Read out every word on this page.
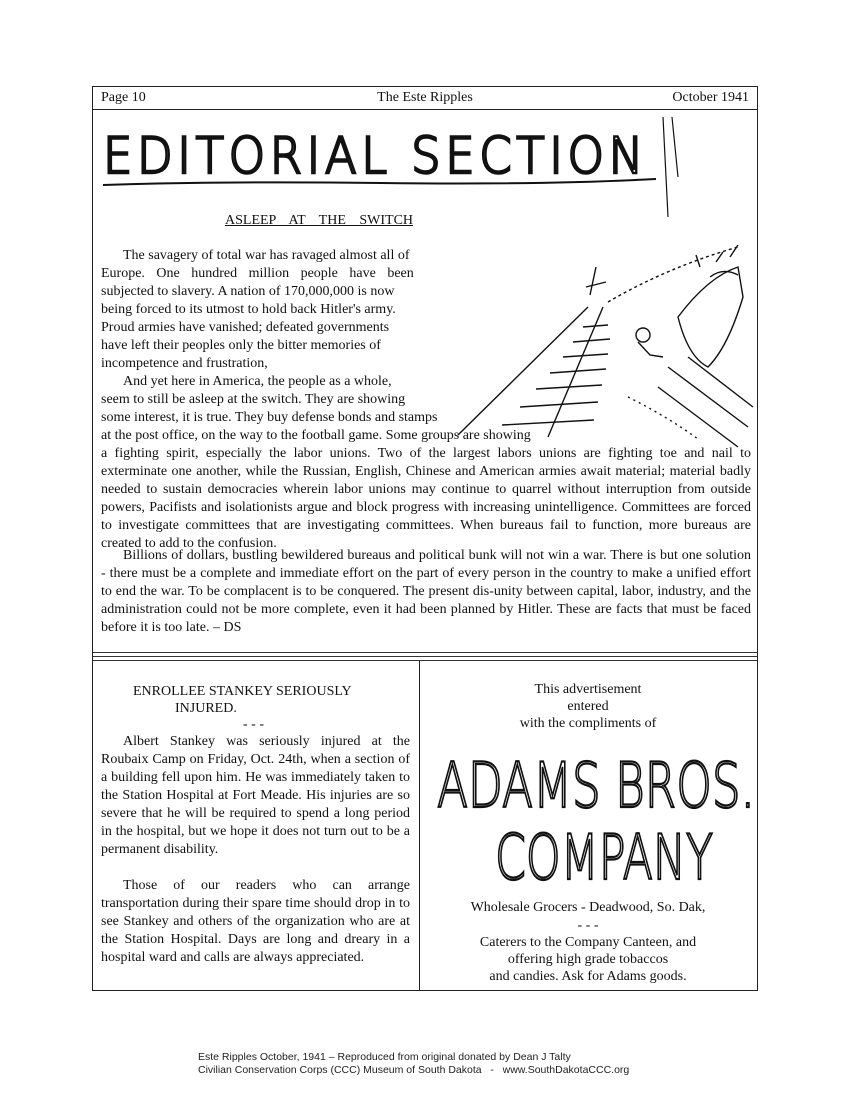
Page 10	The Este Ripples	October 1941
EDITORIAL SECTION
ASLEEP AT THE SWITCH

The savagery of total war has ravaged almost all of
Europe. One hundred million people have been
subjected to slavery. A nation of 170,000,000 is now
being forced to its utmost to hold back Hitler's army.
Proud armies have vanished; defeated governments
have left their peoples only the bitter memories of
incompetence and frustration,

And yet here in America, the people as a whole,
seem to still be asleep at the switch. They are showing
some interest, it is true. They buy defense bonds and stamps
at the post office, on the way to the football game. Some groups are showing

a fighting spirit, especially the labor unions. Two of the largest labors unions are fighting toe and nail to exterminate one another, while the Russian, English, Chinese and American armies await material; material badly needed to sustain democracies wherein labor unions may continue to quarrel without interruption from outside powers, Pacifists and isolationists argue and block progress with increasing unintelligence. Committees are forced to investigate committees that are investigating committees. When bureaus fail to function, more bureaus are created to add to the confusion.

Billions of dollars, bustling bewildered bureaus and political bunk will not win a war. There is but one solution - there must be a complete and immediate effort on the part of every person in the country to make a unified effort to end the war. To be complacent is to be conquered. The present dis-unity between capital, labor, industry, and the administration could not be more complete, even it had been planned by Hitler. These are facts that must be faced before it is too late. – DS

ENROLLEE STANKEY SERIOUSLY
INJURED.
- - -

Albert Stankey was seriously injured at the Roubaix Camp on Friday, Oct. 24th, when a section of a building fell upon him. He was immediately taken to the Station Hospital at Fort Meade. His injuries are so severe that he will be required to spend a long period in the hospital, but we hope it does not turn out to be a permanent disability.

Those of our readers who can arrange transportation during their spare time should drop in to see Stankey and others of the organization who are at the Station Hospital. Days are long and dreary in a hospital ward and calls are always appreciated.

This advertisement
entered
with the compliments of
ADAMS BROS.
COMPANY
Wholesale Grocers - Deadwood, So. Dak,
- - -
Caterers to the Company Canteen, and
offering high grade tobaccos
and candies. Ask for Adams goods.
Este Ripples October, 1941 – Reproduced from original donated by Dean J Talty
Civilian Conservation Corps (CCC) Museum of South Dakota   -   www.SouthDakotaCCC.org
